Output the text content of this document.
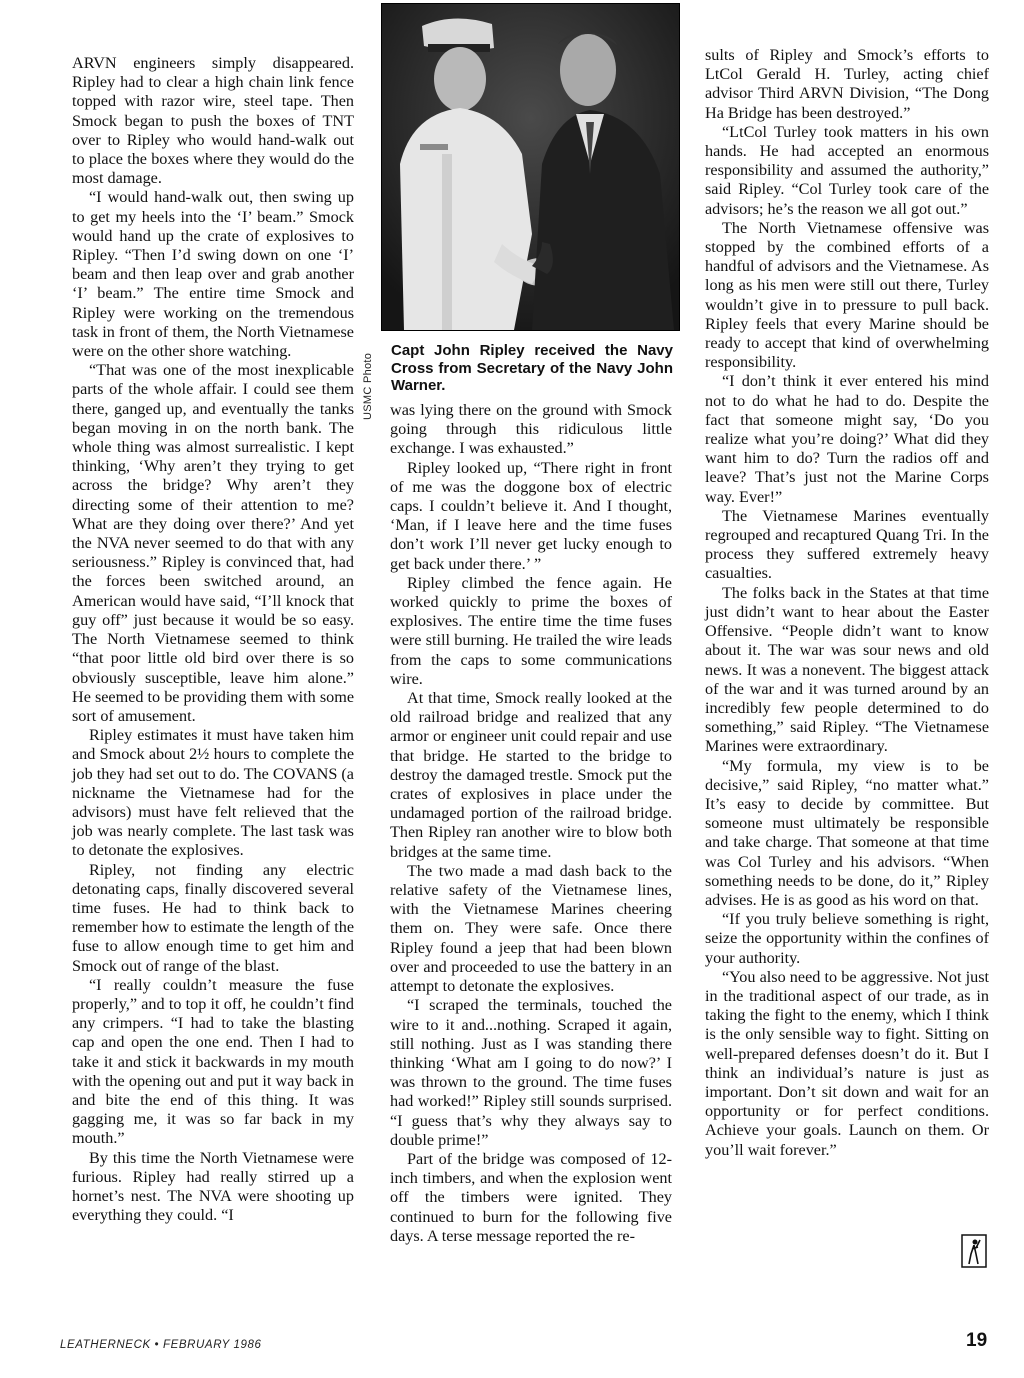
ARVN engineers simply disappeared. Ripley had to clear a high chain link fence topped with razor wire, steel tape. Then Smock began to push the boxes of TNT over to Ripley who would hand-walk out to place the boxes where they would do the most damage.

“I would hand-walk out, then swing up to get my heels into the ‘I’ beam.” Smock would hand up the crate of explosives to Ripley. “Then I’d swing down on one ‘I’ beam and then leap over and grab another ‘I’ beam.” The entire time Smock and Ripley were working on the tremendous task in front of them, the North Vietnamese were on the other shore watching.

“That was one of the most inexplicable parts of the whole affair. I could see them there, ganged up, and eventually the tanks began moving in on the north bank. The whole thing was almost surrealistic. I kept thinking, ‘Why aren’t they trying to get across the bridge? Why aren’t they directing some of their attention to me? What are they doing over there?’ And yet the NVA never seemed to do that with any seriousness.” Ripley is convinced that, had the forces been switched around, an American would have said, “I’ll knock that guy off” just because it would be so easy. The North Vietnamese seemed to think “that poor little old bird over there is so obviously susceptible, leave him alone.” He seemed to be providing them with some sort of amusement.

Ripley estimates it must have taken him and Smock about 2½ hours to complete the job they had set out to do. The COVANS (a nickname the Vietnamese had for the advisors) must have felt relieved that the job was nearly complete. The last task was to detonate the explosives.

Ripley, not finding any electric detonating caps, finally discovered several time fuses. He had to think back to remember how to estimate the length of the fuse to allow enough time to get him and Smock out of range of the blast.

“I really couldn’t measure the fuse properly,” and to top it off, he couldn’t find any crimpers. “I had to take the blasting cap and open the one end. Then I had to take it and stick it backwards in my mouth with the opening out and put it way back in and bite the end of this thing. It was gagging me, it was so far back in my mouth.”

By this time the North Vietnamese were furious. Ripley had really stirred up a hornet’s nest. The NVA were shooting up everything they could. “I

USMC Photo
Capt John Ripley received the Navy Cross from Secretary of the Navy John Warner.

was lying there on the ground with Smock going through this ridiculous little exchange. I was exhausted.”

Ripley looked up, “There right in front of me was the doggone box of electric caps. I couldn’t believe it. And I thought, ‘Man, if I leave here and the time fuses don’t work I’ll never get lucky enough to get back under there.’ ”

Ripley climbed the fence again. He worked quickly to prime the boxes of explosives. The entire time the time fuses were still burning. He trailed the wire leads from the caps to some communications wire.

At that time, Smock really looked at the old railroad bridge and realized that any armor or engineer unit could repair and use that bridge. He started to the bridge to destroy the damaged trestle. Smock put the crates of explosives in place under the undamaged portion of the railroad bridge. Then Ripley ran another wire to blow both bridges at the same time.

The two made a mad dash back to the relative safety of the Vietnamese lines, with the Vietnamese Marines cheering them on. They were safe. Once there Ripley found a jeep that had been blown over and proceeded to use the battery in an attempt to detonate the explosives.

“I scraped the terminals, touched the wire to it and...nothing. Scraped it again, still nothing. Just as I was standing there thinking ‘What am I going to do now?’ I was thrown to the ground. The time fuses had worked!” Ripley still sounds surprised. “I guess that’s why they always say to double prime!”

Part of the bridge was composed of 12-inch timbers, and when the explosion went off the timbers were ignited. They continued to burn for the following five days. A terse message reported the re-

sults of Ripley and Smock’s efforts to LtCol Gerald H. Turley, acting chief advisor Third ARVN Division, “The Dong Ha Bridge has been destroyed.”

“LtCol Turley took matters in his own hands. He had accepted an enormous responsibility and assumed the authority,” said Ripley. “Col Turley took care of the advisors; he’s the reason we all got out.”

The North Vietnamese offensive was stopped by the combined efforts of a handful of advisors and the Vietnamese. As long as his men were still out there, Turley wouldn’t give in to pressure to pull back. Ripley feels that every Marine should be ready to accept that kind of overwhelming responsibility.

“I don’t think it ever entered his mind not to do what he had to do. Despite the fact that someone might say, ‘Do you realize what you’re doing?’ What did they want him to do? Turn the radios off and leave? That’s just not the Marine Corps way. Ever!”

The Vietnamese Marines eventually regrouped and recaptured Quang Tri. In the process they suffered extremely heavy casualties.

The folks back in the States at that time just didn’t want to hear about the Easter Offensive. “People didn’t want to know about it. The war was sour news and old news. It was a nonevent. The biggest attack of the war and it was turned around by an incredibly few people determined to do something,” said Ripley. “The Vietnamese Marines were extraordinary.

“My formula, my view is to be decisive,” said Ripley, “no matter what.” It’s easy to decide by committee. But someone must ultimately be responsible and take charge. That someone at that time was Col Turley and his advisors. “When something needs to be done, do it,” Ripley advises. He is as good as his word on that.

“If you truly believe something is right, seize the opportunity within the confines of your authority.

“You also need to be aggressive. Not just in the traditional aspect of our trade, as in taking the fight to the enemy, which I think is the only sensible way to fight. Sitting on well-prepared defenses doesn’t do it. But I think an individual’s nature is just as important. Don’t sit down and wait for an opportunity or for perfect conditions. Achieve your goals. Launch on them. Or you’ll wait forever.”

LEATHERNECK • FEBRUARY 1986	19
